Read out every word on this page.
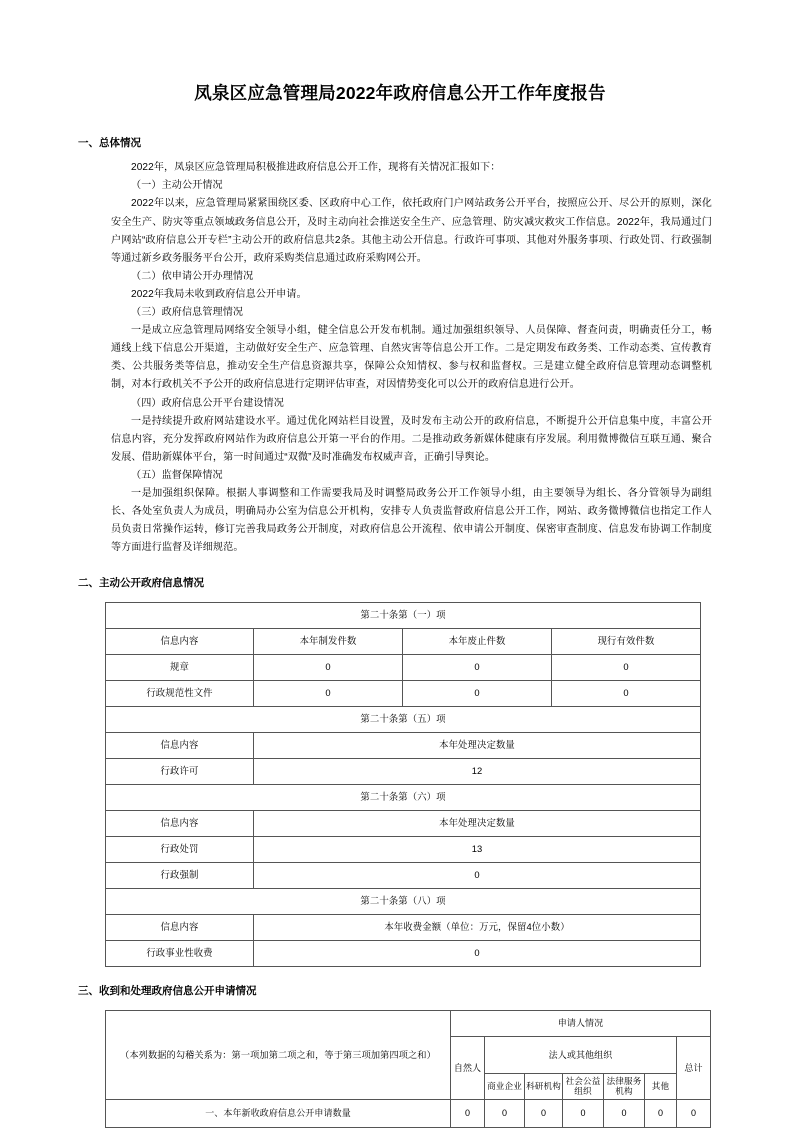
凤泉区应急管理局2022年政府信息公开工作年度报告
一、总体情况

2022年，凤泉区应急管理局积极推进政府信息公开工作，现将有关情况汇报如下：

（一）主动公开情况

2022年以来，应急管理局紧紧围绕区委、区政府中心工作，依托政府门户网站政务公开平台，按照应公开、尽公开的原则，深化安全生产、防灾等重点领域政务信息公开，及时主动向社会推送安全生产、应急管理、防灾减灾救灾工作信息。2022年，我局通过门户网站“政府信息公开专栏”主动公开的政府信息共2条。其他主动公开信息。行政许可事项、其他对外服务事项、行政处罚、行政强制等通过新乡政务服务平台公开，政府采购类信息通过政府采购网公开。

（二）依申请公开办理情况

2022年我局未收到政府信息公开申请。

（三）政府信息管理情况

一是成立应急管理局网络安全领导小组，健全信息公开发布机制。通过加强组织领导、人员保障、督查问责，明确责任分工，畅通线上线下信息公开渠道，主动做好安全生产、应急管理、自然灾害等信息公开工作。二是定期发布政务类、工作动态类、宣传教育类、公共服务类等信息，推动安全生产信息资源共享，保障公众知情权、参与权和监督权。三是建立健全政府信息管理动态调整机制，对本行政机关不予公开的政府信息进行定期评估审查，对因情势变化可以公开的政府信息进行公开。

（四）政府信息公开平台建设情况

一是持续提升政府网站建设水平。通过优化网站栏目设置，及时发布主动公开的政府信息，不断提升公开信息集中度，丰富公开信息内容，充分发挥政府网站作为政府信息公开第一平台的作用。二是推动政务新媒体健康有序发展。利用微博微信互联互通、聚合发展、借助新媒体平台，第一时间通过“双微”及时准确发布权威声音，正确引导舆论。

（五）监督保障情况

一是加强组织保障。根据人事调整和工作需要我局及时调整局政务公开工作领导小组，由主要领导为组长、各分管领导为副组长、各处室负责人为成员，明确局办公室为信息公开机构，安排专人负责监督政府信息公开工作，网站、政务微博微信也指定工作人员负责日常操作运转，修订完善我局政务公开制度，对政府信息公开流程、依申请公开制度、保密审查制度、信息发布协调工作制度等方面进行监督及详细规范。

二、主动公开政府信息情况
第二十条第（一）项			
信息内容	本年制发件数	本年废止件数	现行有效件数
规章	0	0	0
行政规范性文件	0	0	0
第二十条第（五）项			
信息内容	本年处理决定数量		
行政许可	12		
第二十条第（六）项			
信息内容	本年处理决定数量		
行政处罚	13		
行政强制	0		
第二十条第（八）项			
信息内容	本年收费金额（单位：万元，保留4位小数）		
行政事业性收费	0		
三、收到和处理政府信息公开申请情况
（本列数据的勾稽关系为：第一项加第二项之和，等于第三项加第四项之和）	申请人情况						
	自然人	法人或其他组织					总计
		商业企业	科研机构	社会公益组织	法律服务机构	其他	
一、本年新收政府信息公开申请数量	0	0	0	0	0	0	0
